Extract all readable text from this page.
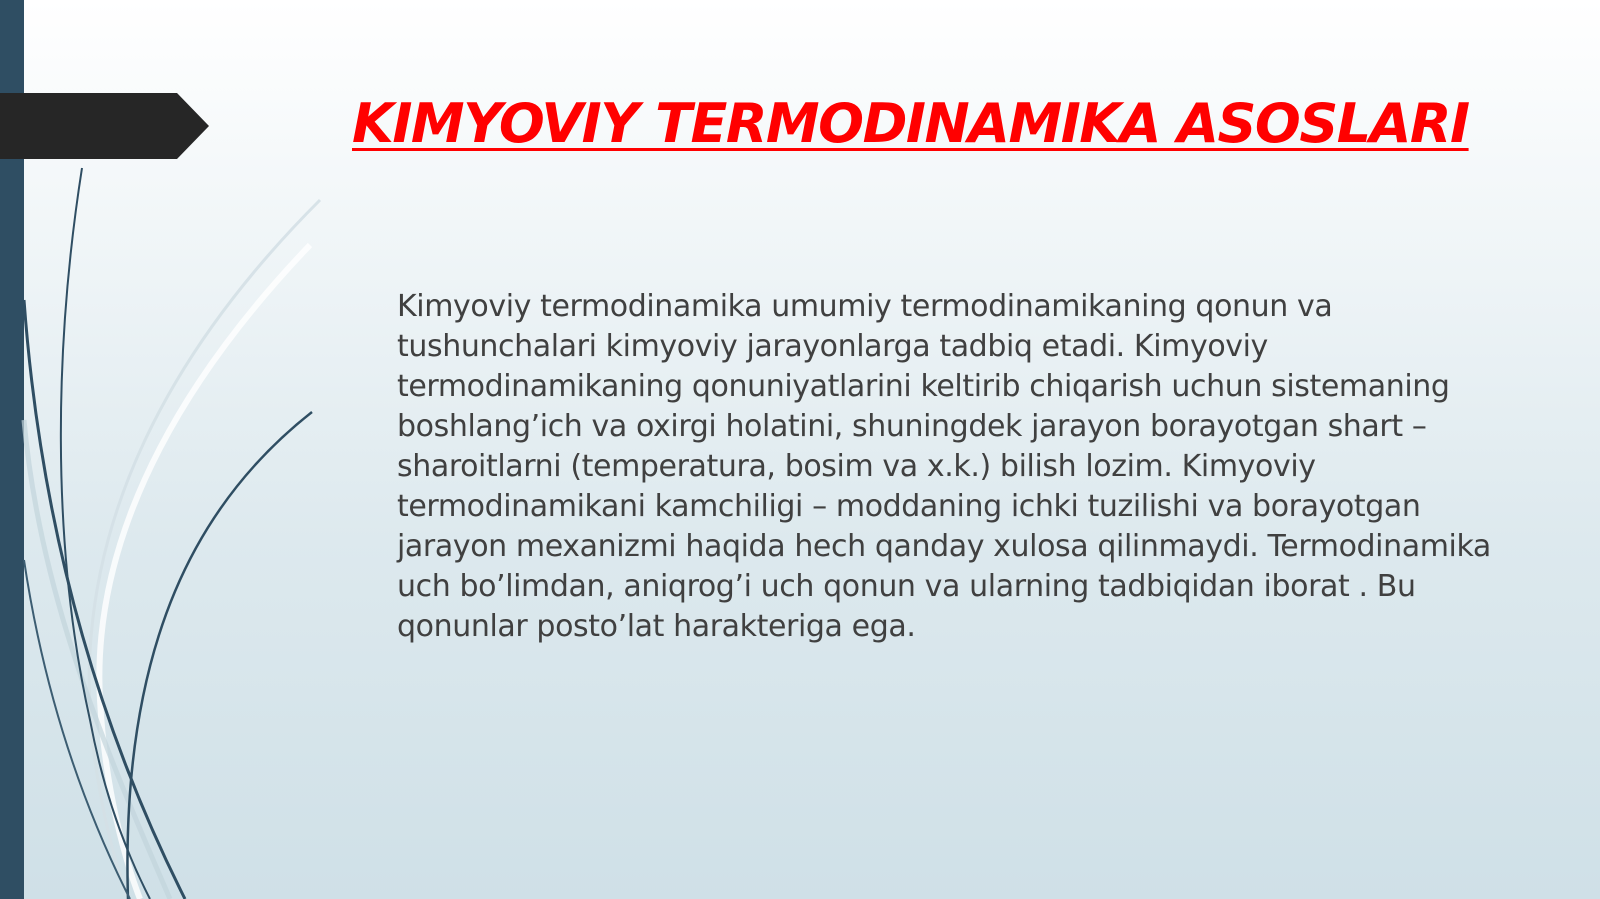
KIMYOVIY TERMODINAMIKA ASOSLARI

Kimyoviy termodinamika umumiy termodinamikaning qonun va tushunchalari kimyoviy jarayonlarga tadbiq etadi. Kimyoviy termodinamikaning qonuniyatlarini keltirib chiqarish uchun sistemaning boshlang’ich va oxirgi holatini, shuningdek jarayon borayotgan shart – sharoitlarni (temperatura, bosim va x.k.) bilish lozim. Kimyoviy termodinamikani kamchiligi – moddaning ichki tuzilishi va borayotgan jarayon mexanizmi haqida hech qanday xulosa qilinmaydi. Termodinamika uch bo’limdan, aniqrog’i uch qonun va ularning tadbiqidan iborat . Bu qonunlar posto’lat harakteriga ega.
